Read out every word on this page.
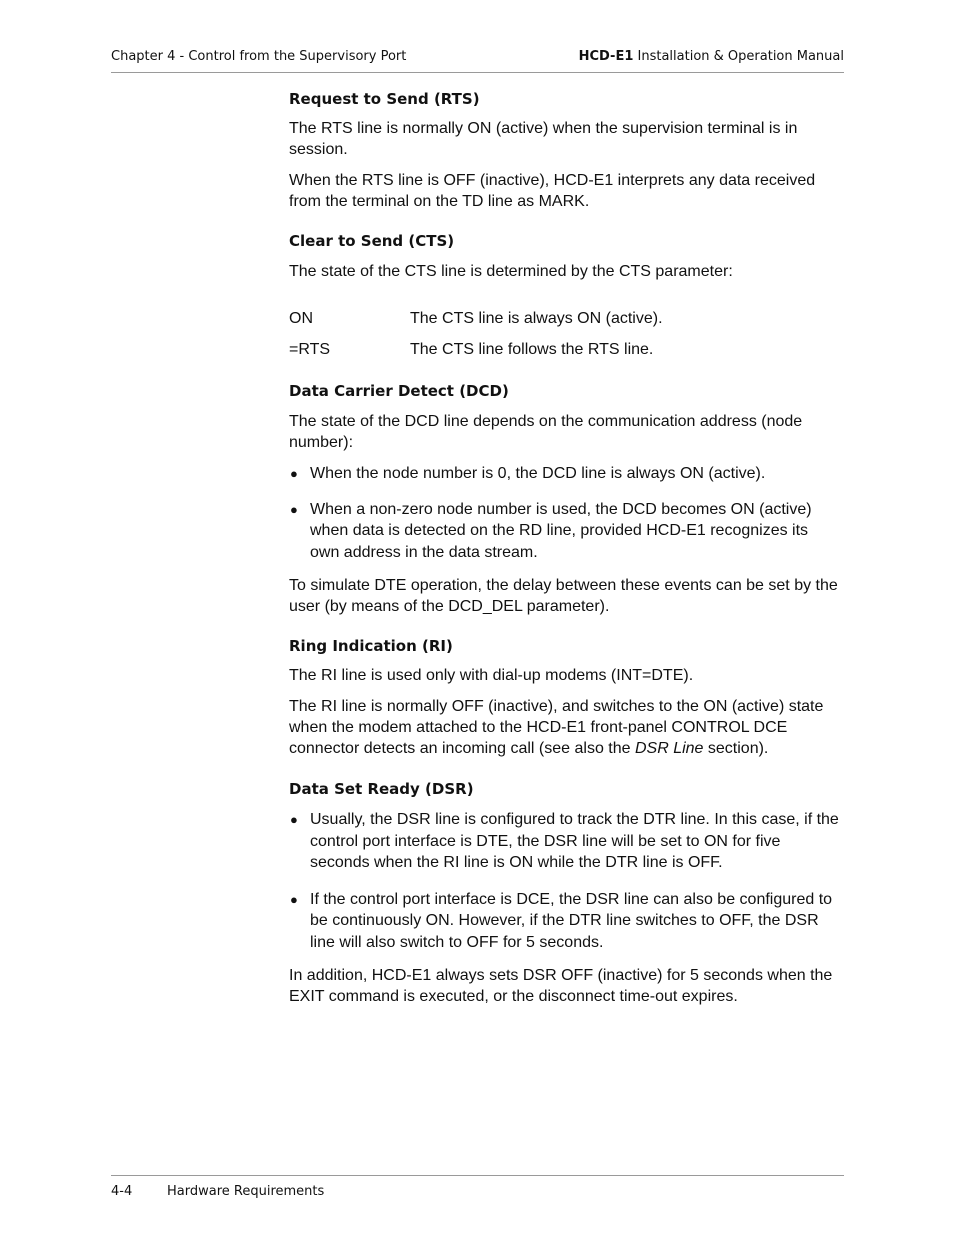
Chapter 4 - Control from the Supervisory Port	HCD-E1 Installation & Operation Manual
Request to Send (RTS)

The RTS line is normally ON (active) when the supervision terminal is in session.

When the RTS line is OFF (inactive), HCD-E1 interprets any data received from the terminal on the TD line as MARK.

Clear to Send (CTS)

The state of the CTS line is determined by the CTS parameter:

ON	The CTS line is always ON (active).
=RTS	The CTS line follows the RTS line.
Data Carrier Detect (DCD)

The state of the DCD line depends on the communication address (node number):

● When the node number is 0, the DCD line is always ON (active).
● When a non-zero node number is used, the DCD becomes ON (active) when data is detected on the RD line, provided HCD-E1 recognizes its own address in the data stream.

To simulate DTE operation, the delay between these events can be set by the user (by means of the DCD_DEL parameter).

Ring Indication (RI)

The RI line is used only with dial-up modems (INT=DTE).

The RI line is normally OFF (inactive), and switches to the ON (active) state when the modem attached to the HCD-E1 front-panel CONTROL DCE connector detects an incoming call (see also the DSR Line section).

Data Set Ready (DSR)
● Usually, the DSR line is configured to track the DTR line. In this case, if the control port interface is DTE, the DSR line will be set to ON for five seconds when the RI line is ON while the DTR line is OFF.
● If the control port interface is DCE, the DSR line can also be configured to be continuously ON. However, if the DTR line switches to OFF, the DSR line will also switch to OFF for 5 seconds.

In addition, HCD-E1 always sets DSR OFF (inactive) for 5 seconds when the EXIT command is executed, or the disconnect time-out expires.

4-4	Hardware Requirements
